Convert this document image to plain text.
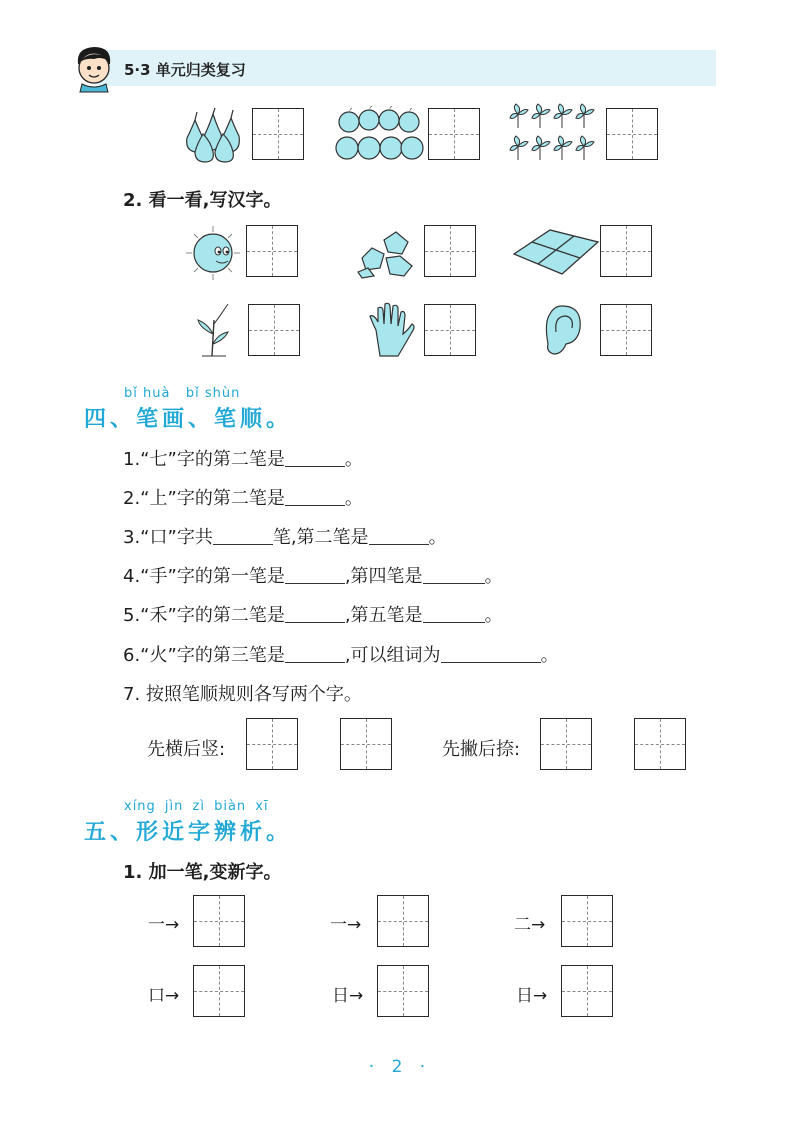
5·3 单元归类复习
2. 看一看,写汉字。
bǐ huà   bǐ shùn
四、笔画、笔顺。
1.“七”字的第二笔是	。
2.“上”字的第二笔是	。
3.“口”字共	笔,第二笔是	。
4.“手”字的第一笔是	,第四笔是	。
5.“禾”字的第二笔是	,第五笔是	。
6.“火”字的第三笔是	,可以组词为	。
7. 按照笔顺规则各写两个字。
先横后竖:	先撇后捺:
xíng jìn zì biàn xī
五、形近字辨析。
1. 加一笔,变新字。
一→	一→	二→
口→	日→	日→
· 2 ·
